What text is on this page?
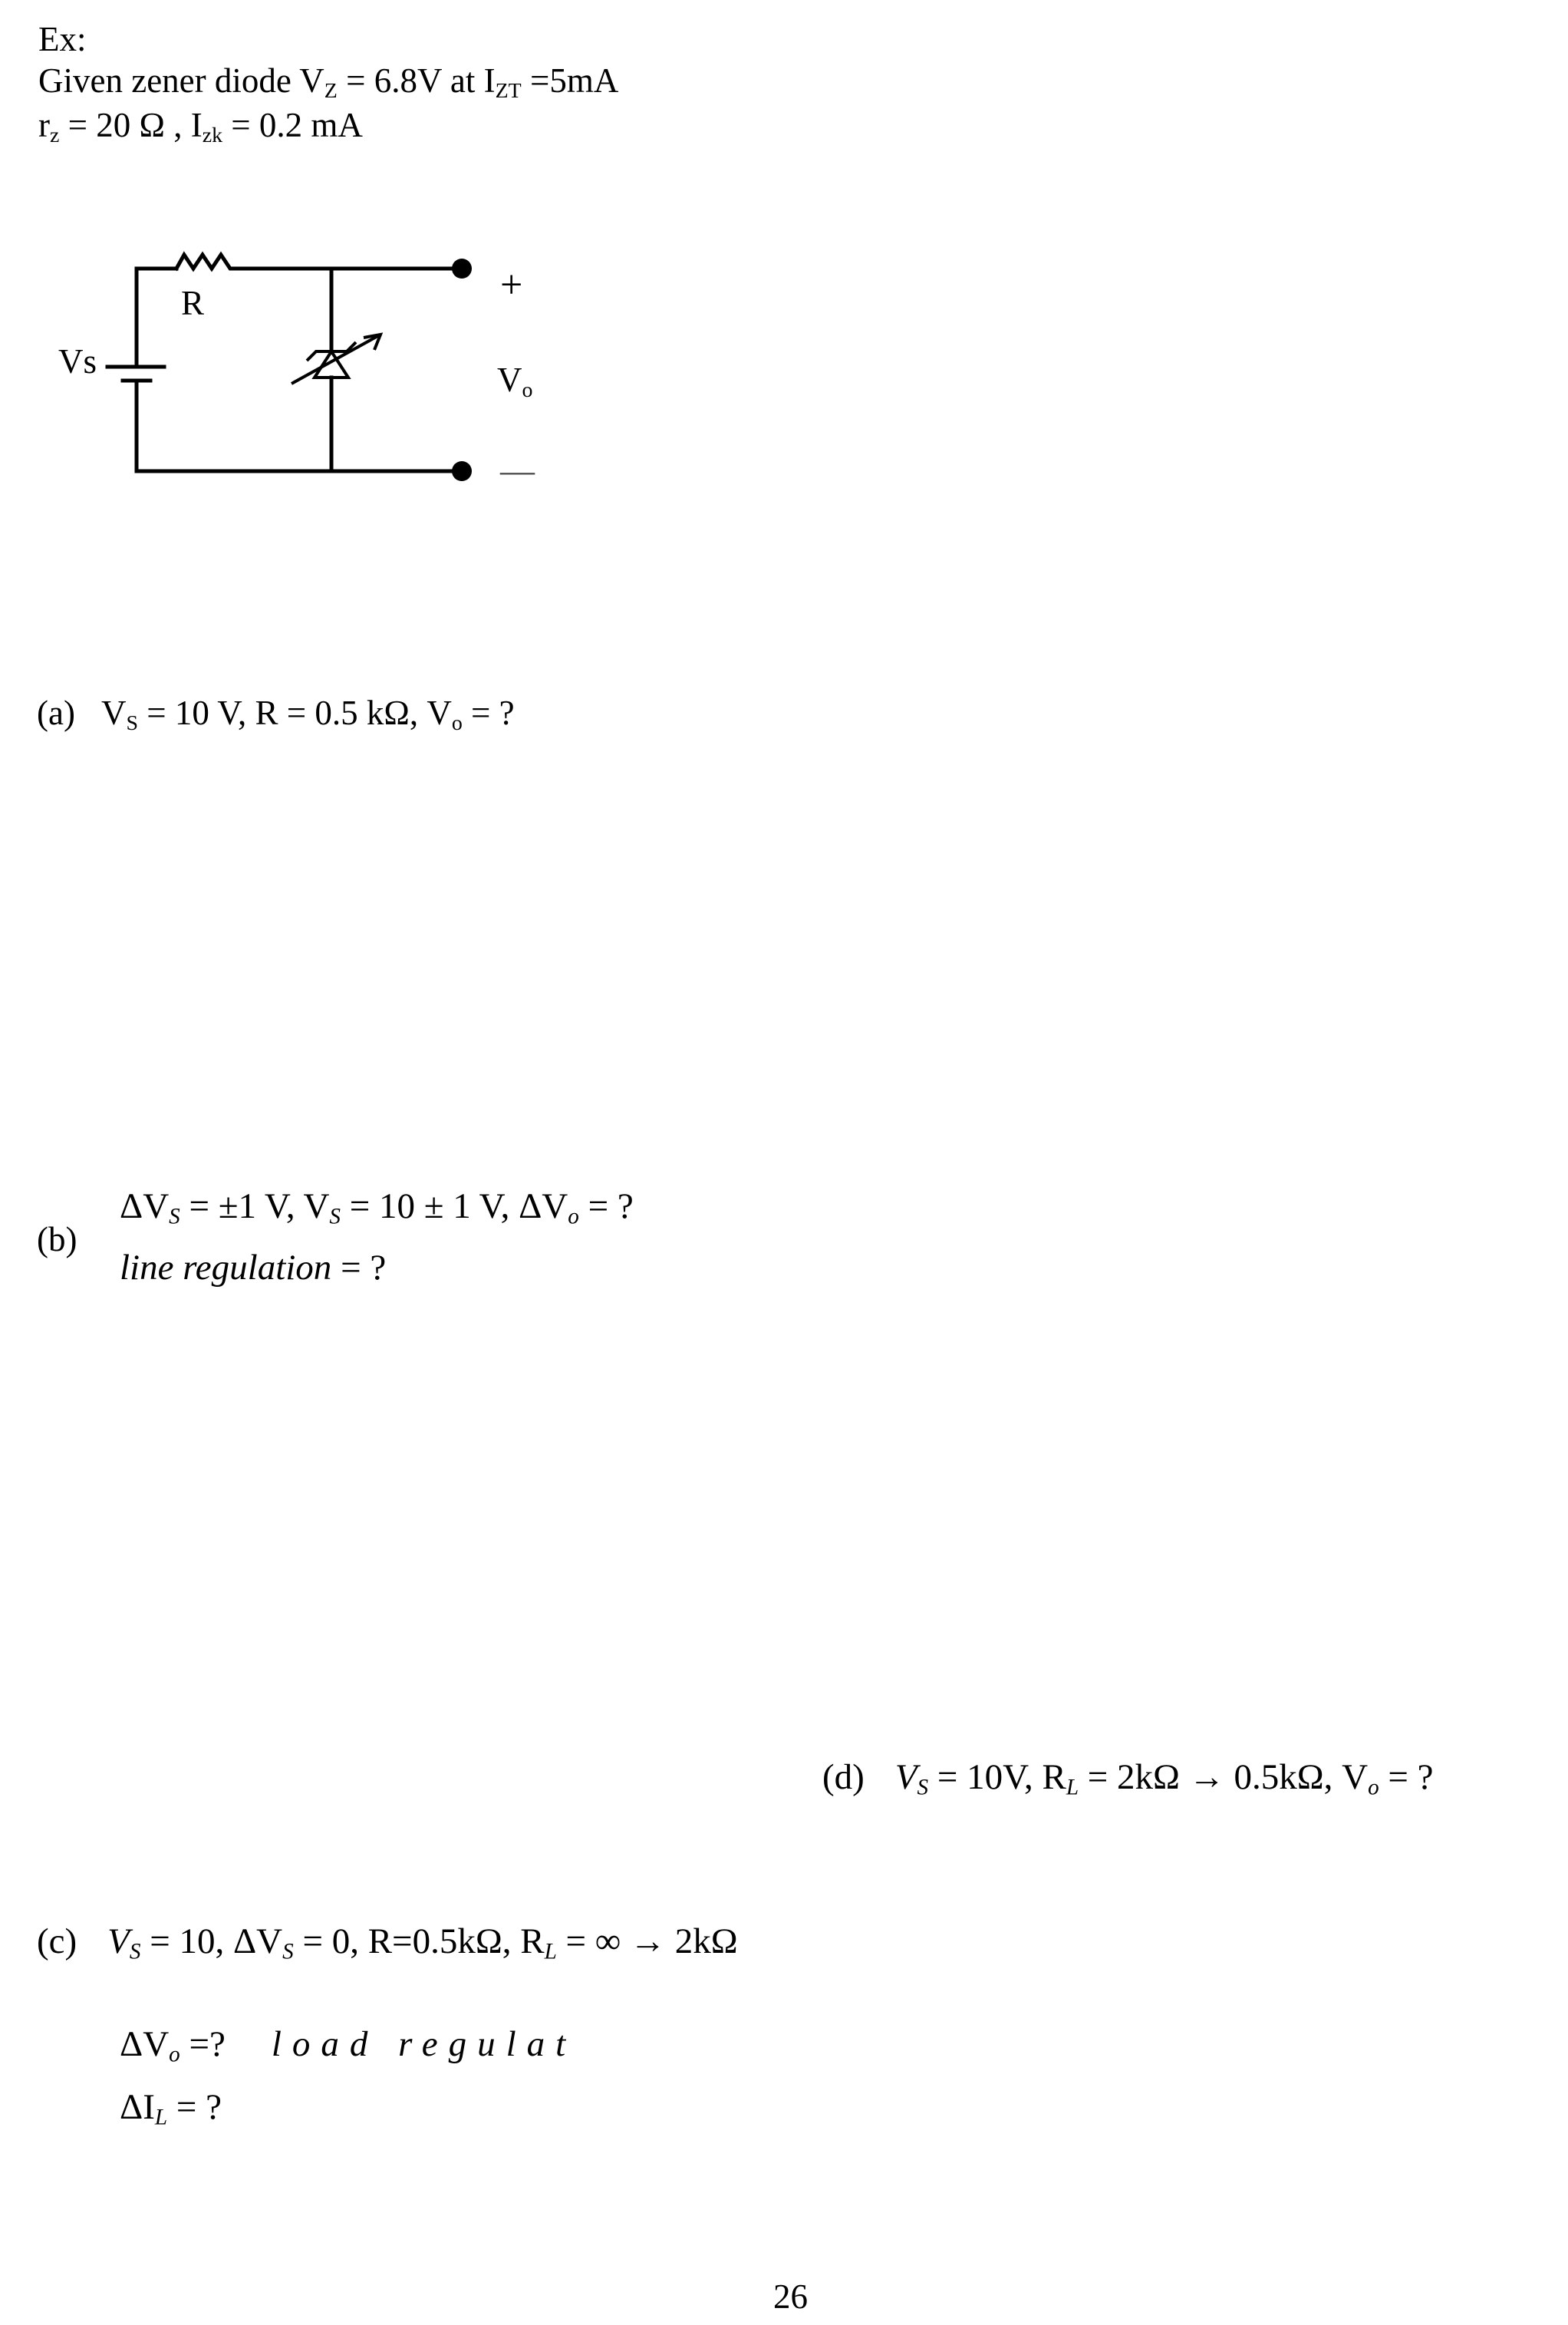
Ex:
Given zener diode $V_Z = 6.8V$ at $I_{ZT} =5mA$
$r_z = 20$ Ω , $I_{zk} = 0.2$ mA
R
Vs
+
$V_o$
—
(a) $V_S = 10$ V, R = 0.5 kΩ, $V_o$ = ?
(b)
$\Delta V_S = \pm 1$ V, $V_S = 10 \pm 1$ V, $\Delta V_o$ = ?
line regulation = ?
(d) $V_S = 10V$, $R_L = 2k\Omega \to 0.5k\Omega$, $V_o$ = ?
(c) $V_S = 10$, $\Delta V_S = 0$, R=0.5kΩ, $R_L$ = ∞ → 2kΩ
$\Delta V_o$ =? load regulat
$\Delta I_L$ = ?
26
